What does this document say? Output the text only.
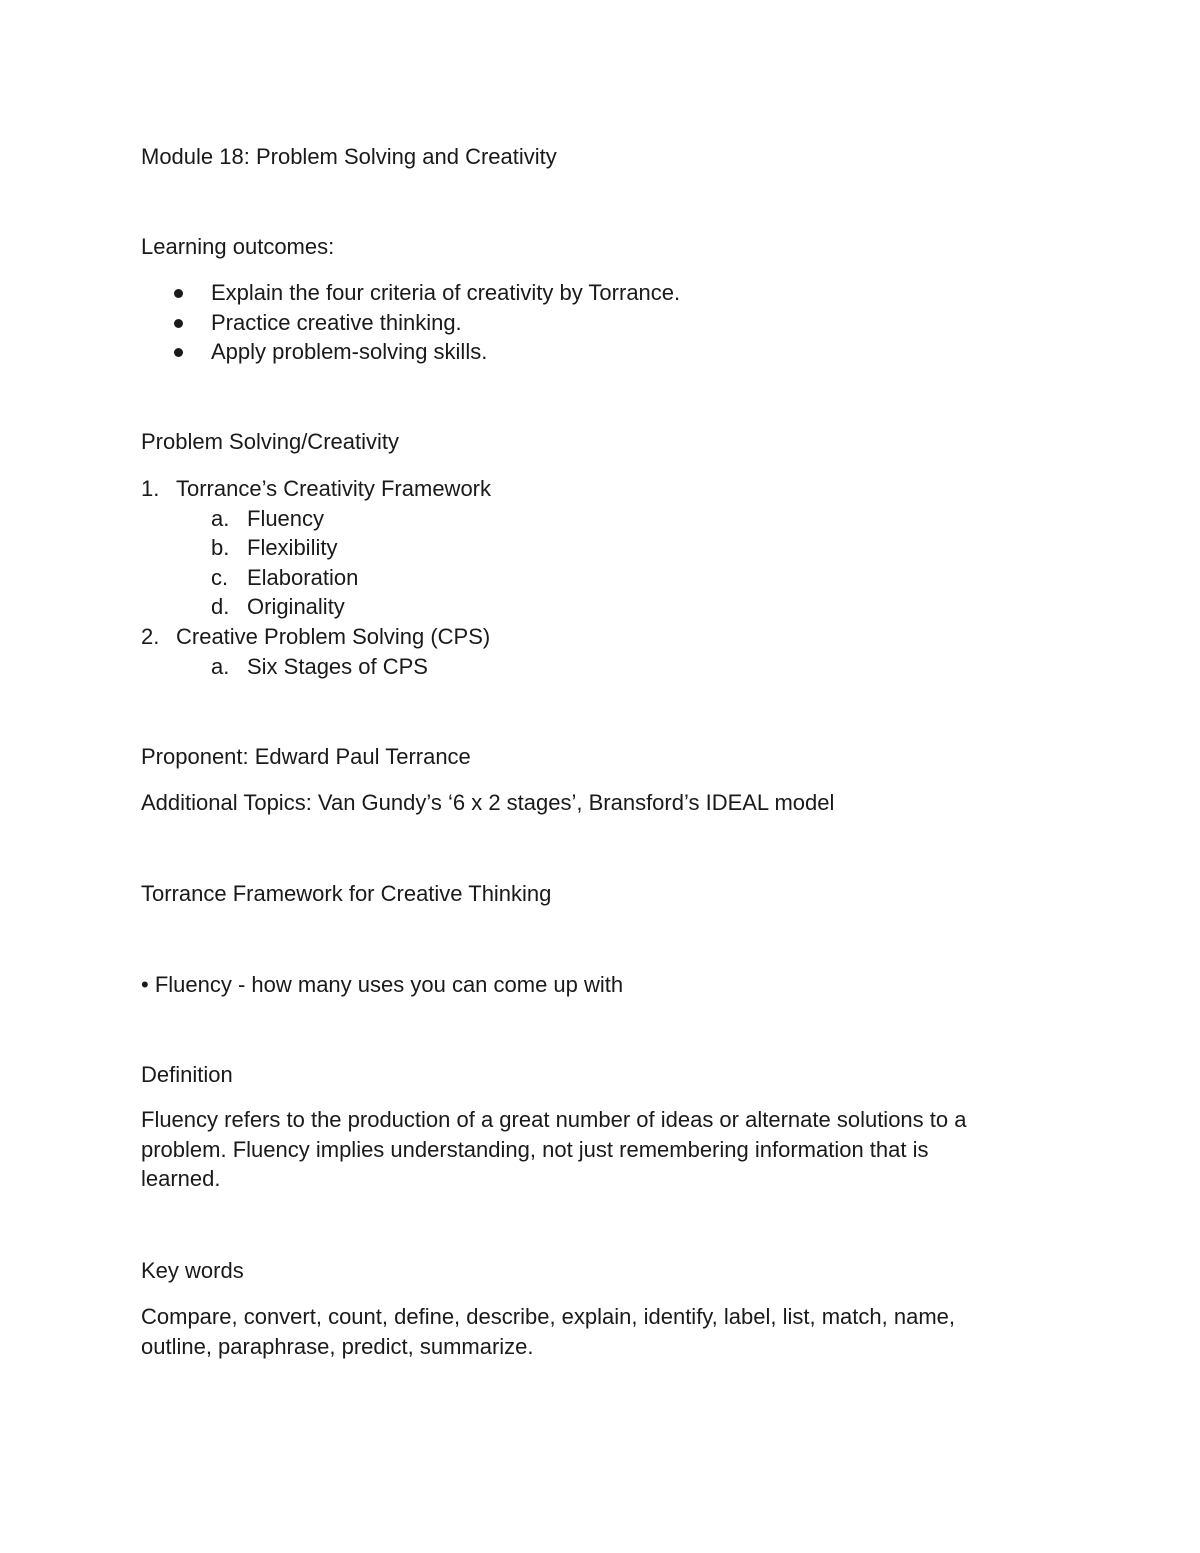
Module 18: Problem Solving and Creativity
Learning outcomes:
Explain the four criteria of creativity by Torrance.
Practice creative thinking.
Apply problem-solving skills.
Problem Solving/Creativity
1. Torrance’s Creativity Framework
a. Fluency
b. Flexibility
c. Elaboration
d. Originality
2. Creative Problem Solving (CPS)
a. Six Stages of CPS
Proponent: Edward Paul Terrance
Additional Topics: Van Gundy’s ‘6 x 2 stages’, Bransford’s IDEAL model
Torrance Framework for Creative Thinking
• Fluency - how many uses you can come up with
Definition
Fluency refers to the production of a great number of ideas or alternate solutions to a
problem. Fluency implies understanding, not just remembering information that is
learned.
Key words
Compare, convert, count, define, describe, explain, identify, label, list, match, name,
outline, paraphrase, predict, summarize.
